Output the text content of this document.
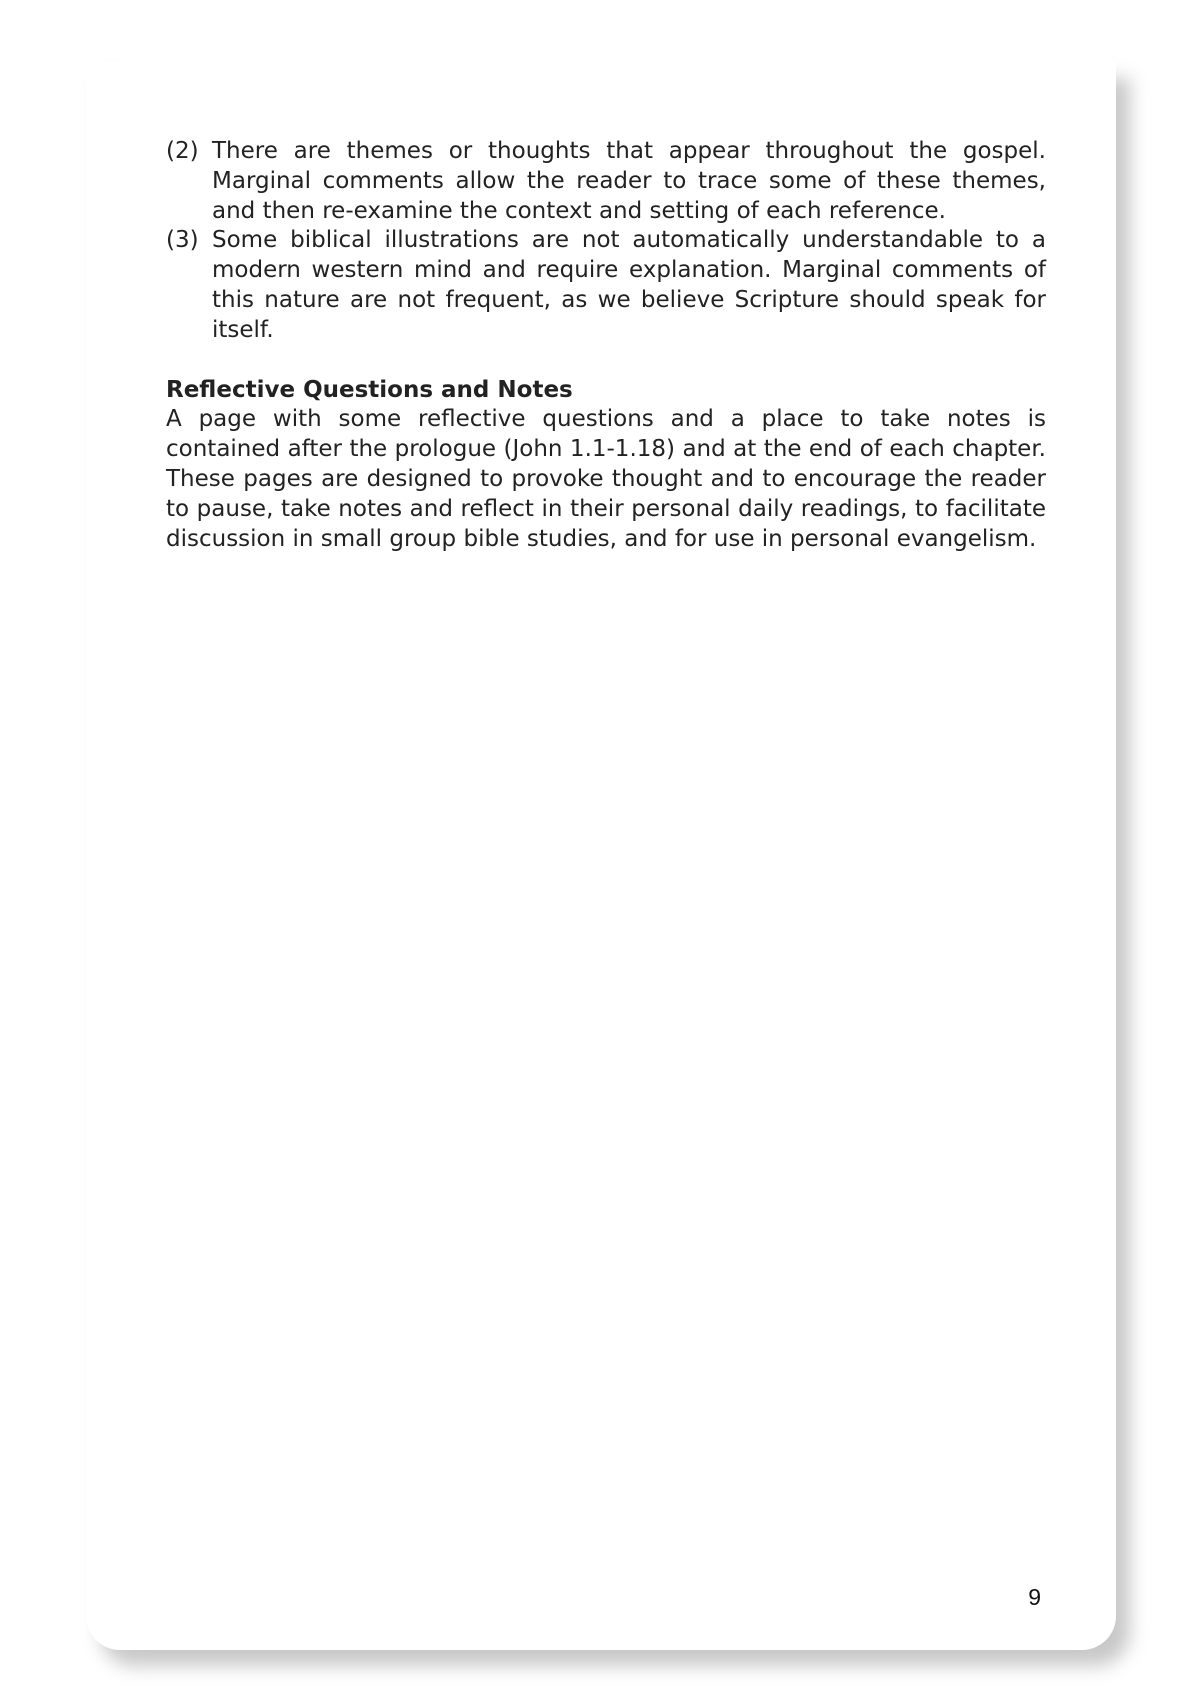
(2) There are themes or thoughts that appear throughout the gospel. Marginal comments allow the reader to trace some of these themes, and then re-examine the context and setting of each reference.
(3) Some biblical illustrations are not automatically understandable to a modern western mind and require explanation. Marginal comments of this nature are not frequent, as we believe Scripture should speak for itself.
Reflective Questions and Notes
A page with some reflective questions and a place to take notes is contained after the prologue (John 1.1-1.18) and at the end of each chapter. These pages are designed to provoke thought and to encourage the reader to pause, take notes and reflect in their personal daily readings, to facilitate discussion in small group bible studies, and for use in personal evangelism.
9
